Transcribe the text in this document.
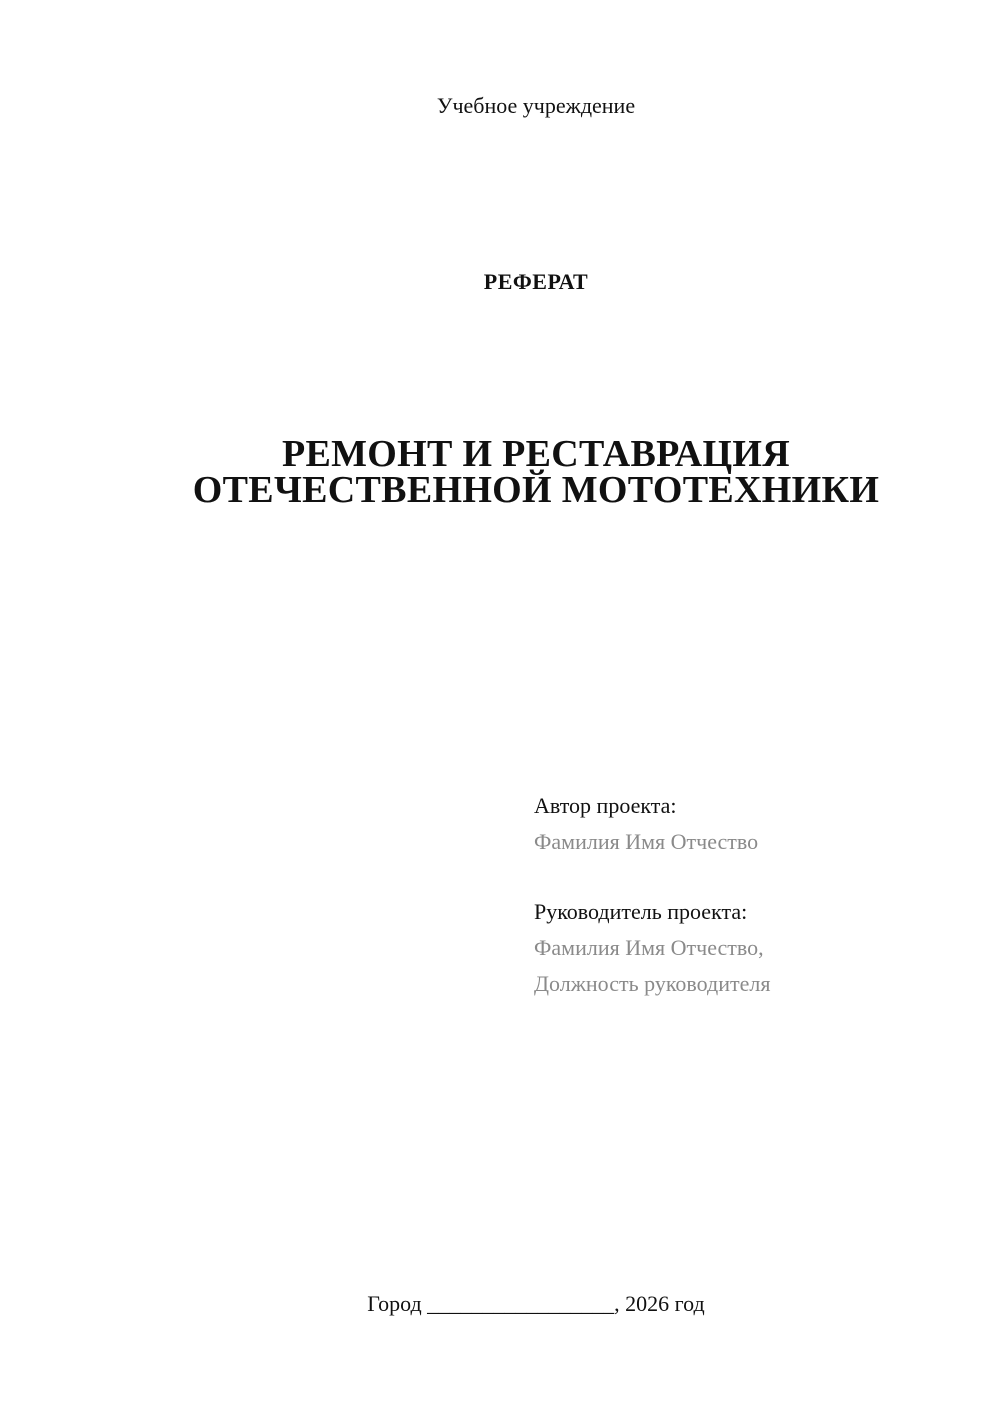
Учебное учреждение
РЕФЕРАТ
РЕМОНТ И РЕСТАВРАЦИЯ
ОТЕЧЕСТВЕННОЙ МОТОТЕХНИКИ
Автор проекта:
Фамилия Имя Отчество
Руководитель проекта:
Фамилия Имя Отчество,
Должность руководителя
Город _________________, 2026 год
